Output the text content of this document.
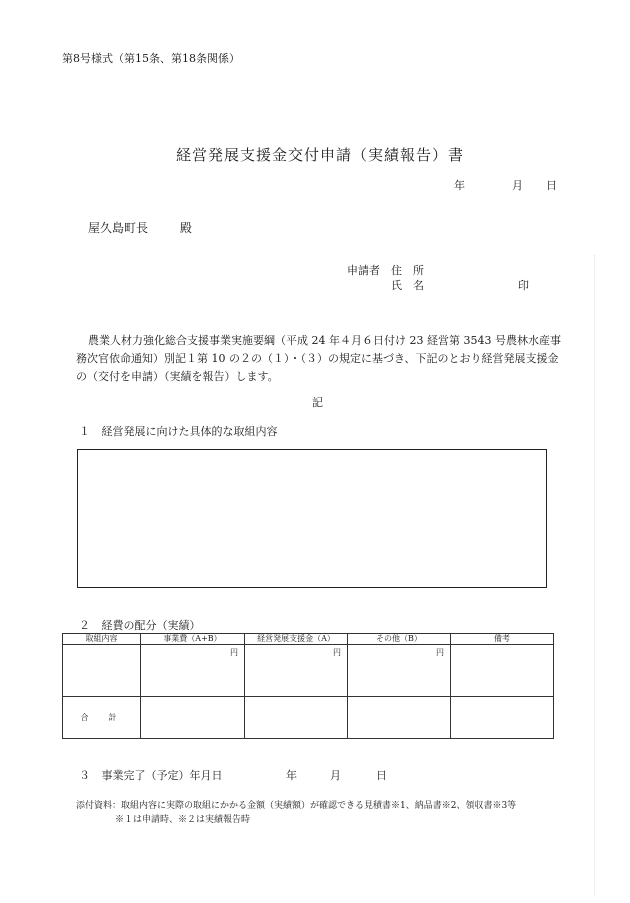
第8号様式（第15条、第18条関係）
経営発展支援金交付申請（実績報告）書
年	月 日
屋久島町長	殿
申請者 住　所
氏　名	印
農業人材力強化総合支援事業実施要綱（平成 24 年４月６日付け 23 経営第 3543 号農林水産事務次官依命通知）別記１第 10 の２の（１）・（３）の規定に基づき、下記のとおり経営発展支援金の（交付を申請）（実績を報告）します。
記
１ 経営発展に向けた具体的な取組内容
２ 経費の配分（実績）
取組内容	事業費（A+B）	経営発展支援金（A）	その他（B）	備考
	円	円	円	
合　計				
３ 事業完了（予定）年月日	年	月	日
添付資料：取組内容に実際の取組にかかる金額（実績額）が確認できる見積書※1、納品書※2、領収書※3等
※１は申請時、※２は実績報告時
